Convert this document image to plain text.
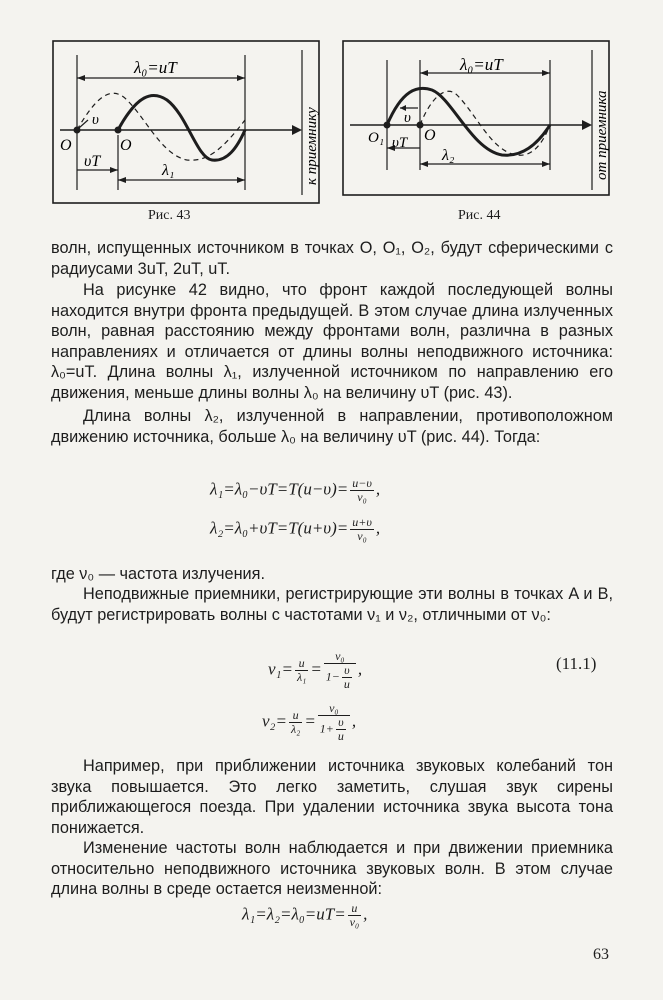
λ₀=uT
υ
O	O
υT
λ₁	к приемнику
Рис. 43
λ₀=uT
υ
O₁ O
υT
λ₂	от приемника
Рис. 44

волн, испущенных источником в точках O, O₁, O₂, будут сферическими с радиусами 3uT, 2uT, uT.

На рисунке 42 видно, что фронт каждой последующей волны находится внутри фронта предыдущей. В этом случае длина излученных волн, равная расстоянию между фронтами волн, различна в разных направлениях и отличается от длины волны неподвижного источника: λ₀=uT. Длина волны λ₁, излученной источником по направлению его движения, меньше длины волны λ₀ на величину υT (рис. 43).

Длина волны λ₂, излученной в направлении, противоположном движению источника, больше λ₀ на величину υT (рис. 44). Тогда:

$\lambda_1=\lambda_0-\upsilon T=T(u-\upsilon)= \frac{u-\upsilon}{\text{ν₀}}$ ,
$\lambda_2=\lambda_0+\upsilon T=T(u+\upsilon)= \frac{u+\upsilon}{\text{ν₀}}$ ,

где ν₀ — частота излучения.

Неподвижные приемники, регистрирующие эти волны в точках A и B, будут регистрировать волны с частотами ν₁ и ν₂, отличными от ν₀:

$\nu_1= \frac{u}{\text{λ₁}} = \frac{\text{ν₀}}{1- \frac{\upsilon}{u}}$ ,	(11.1)
$\nu_2= \frac{u}{\text{λ₂}} = \frac{\text{ν₀}}{1+ \frac{\upsilon}{u}}$ ,

Например, при приближении источника звуковых колебаний тон звука повышается. Это легко заметить, слушая звук сирены приближающегося поезда. При удалении источника звука высота тона понижается.

Изменение частоты волн наблюдается и при движении приемника относительно неподвижного источника звуковых волн. В этом случае длина волны в среде остается неизменной:

$\lambda_1=\lambda_2=\lambda_0=uT= \frac{u}{\text{ν₀}}$ ,
63
